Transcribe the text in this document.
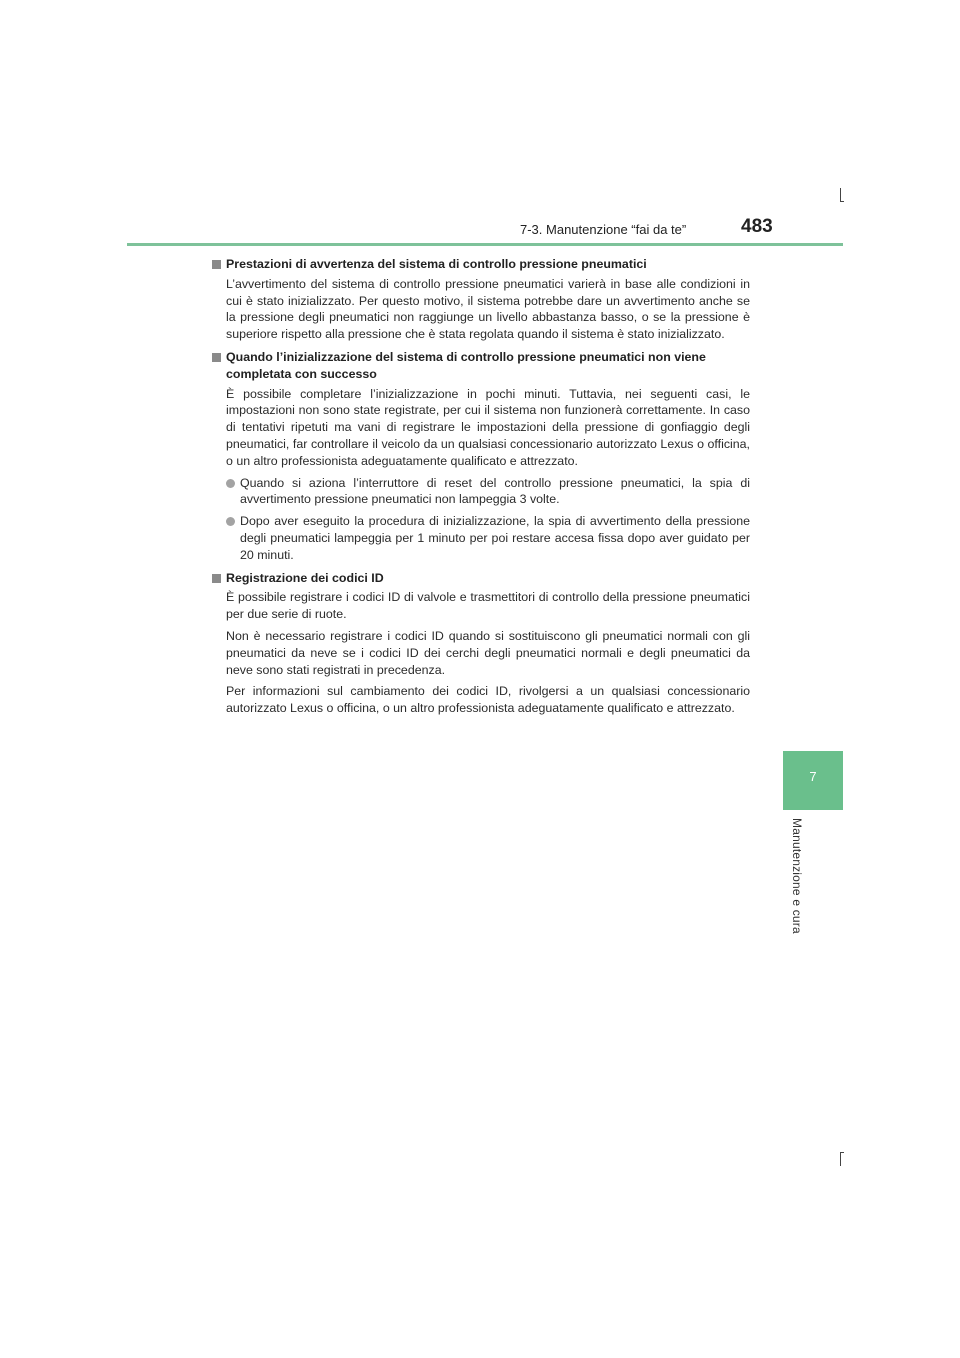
7-3. Manutenzione “fai da te”	483
7
Manutenzione e cura
Prestazioni di avvertenza del sistema di controllo pressione pneumatici
L’avvertimento del sistema di controllo pressione pneumatici varierà in base alle condizioni in cui è stato inizializzato. Per questo motivo, il sistema potrebbe dare un avvertimento anche se la pressione degli pneumatici non raggiunge un livello abbastanza basso, o se la pressione è superiore rispetto alla pressione che è stata regolata quando il sistema è stato inizializzato.
Quando l’inizializzazione del sistema di controllo pressione pneumatici non viene completata con successo
È possibile completare l’inizializzazione in pochi minuti. Tuttavia, nei seguenti casi, le impostazioni non sono state registrate, per cui il sistema non funzionerà correttamente. In caso di tentativi ripetuti ma vani di registrare le impostazioni della pressione di gonfiaggio degli pneumatici, far controllare il veicolo da un qualsiasi concessionario autorizzato Lexus o officina, o un altro professionista adeguatamente qualificato e attrezzato.
Quando si aziona l’interruttore di reset del controllo pressione pneumatici, la spia di avvertimento pressione pneumatici non lampeggia 3 volte.
Dopo aver eseguito la procedura di inizializzazione, la spia di avvertimento della pressione degli pneumatici lampeggia per 1 minuto per poi restare accesa fissa dopo aver guidato per 20 minuti.
Registrazione dei codici ID
È possibile registrare i codici ID di valvole e trasmettitori di controllo della pressione pneumatici per due serie di ruote.
Non è necessario registrare i codici ID quando si sostituiscono gli pneumatici normali con gli pneumatici da neve se i codici ID dei cerchi degli pneumatici normali e degli pneumatici da neve sono stati registrati in precedenza.
Per informazioni sul cambiamento dei codici ID, rivolgersi a un qualsiasi concessionario autorizzato Lexus o officina, o un altro professionista adeguatamente qualificato e attrezzato.
